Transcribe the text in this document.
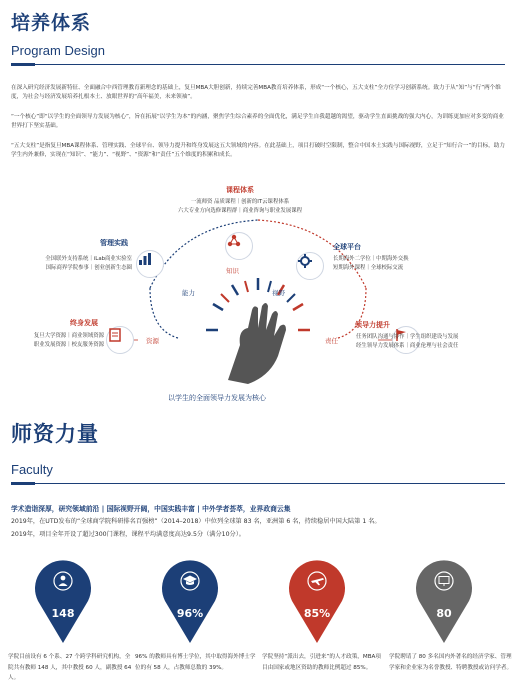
培养体系
Program Design
在深入研究经济发展新特征、全面融合中西管理教育新理念的基础上，复旦MBA大胆创新，持续完善MBA教育培养体系，形成“一个核心，五大支柱”全方位学习创新系统。致力于从“知”与“行”两个维度，为社会与经济发展培养扎根本土、放眼世界的“高年福美，未来领袖”。
“一个核心”即“以学生的全面领导力发展为核心”，旨在拓展“以学生为本”的内涵，聚焦学生综合素养的全面优化，满足学生自我超越的渴望，驱动学生直面挑战的强大内心，为训练更加应对多变的商业世界打下坚实基础。
“五大支柱”是指复旦MBA课程体系、管理实践、全球平台、领导力提升和终身发展这五大领域的内容。在此基础上，项目打破时空限制，整合中国本土实践与国际视野，立足于“知行合一”的目标，助力学生内外兼修，实现在“知识”、“能力”、“视野”、“资源”和“责任”五个维度的积累和成长。
课程体系
一流师资 品质课程｜创新的IT云课程体系
六大专业方向选修课程群｜商业咨询与职业发展课程
知识
管理实践
全国联外支持系统｜iLab商业实验室
国际商界学院参事｜创业创新生态圈
能力
全球平台
长期海外二学位｜中期海外交换
短期海外课程｜全球校际交流
视野
终身发展
复旦大学资源｜商业领域资源
职业发展资源｜校友服务资源	资源
领导力提升
任务团队沟通与协作｜学生组织建设与发展
经生领导力发展体系｜商业伦理与社会责任
责任
以学生的全面领导力发展为核心
师资力量
Faculty
学术造诣深厚，研究领域前沿 | 国际视野开阔，中国实践丰富 | 中外学者荟萃，业界政商云集
2019年，在UTD发布的“全球商学院科研排名百强榜”（2014–2018）中位列全球第 83 名，亚洲第 6 名，持续稳居中国大陆第 1 名。
2019年，项目全年开设了超过300门课程，课程平均满意度高达9.5分（满分10分）。
148
学院目前设有 6 个系、27 个跨学科研究机构，全院共有教师 148 人，其中教授 60 人，副教授 64 人。
96%
96% 的教师具有博士学位，其中取得海外博士学位的有 58 人，占教师总数的 39%。
85%
学院坚持“派出去，引进来”的人才政策，MBA项目由国家或地区资助的教师比例超过 85%。
80
学院聘请了 80 多名国内外著名的经济学家、管理学家和企业家为名誉教授、特聘教授或访问学者。
